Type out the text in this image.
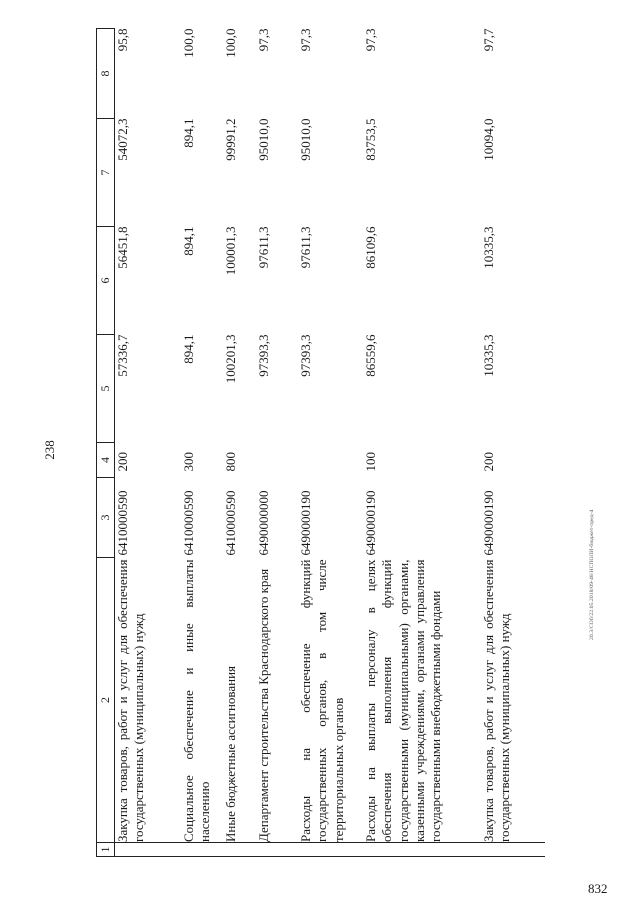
238
20.3/СОб/22.05.2018/09-48/НСПОЛИ-бюджет-пред-4
832
1	2	3	4	5	6	7	8
	Закупка товаров, работ и услуг для обеспечения государственных (муниципальных) нужд	6410000590	200	57336,7	56451,8	54072,3	95,8
	Социальное обеспечение и иные выплаты населению	6410000590	300	894,1	894,1	894,1	100,0
	Иные бюджетные ассигнования	6410000590	800	100201,3	100001,3	99991,2	100,0
	Департамент строительства Краснодарского края	6490000000		97393,3	97611,3	95010,0	97,3
	Расходы на обеспечение функций государственных органов, в том числе территориальных органов	6490000190		97393,3	97611,3	95010,0	97,3
	Расходы на выплаты персоналу в целях обеспечения выполнения функций государственными (муниципальными) органами, казенными учреждениями, органами управления государственными внебюджетными фондами	6490000190	100	86559,6	86109,6	83753,5	97,3
	Закупка товаров, работ и услуг для обеспечения государственных (муниципальных) нужд	6490000190	200	10335,3	10335,3	10094,0	97,7
